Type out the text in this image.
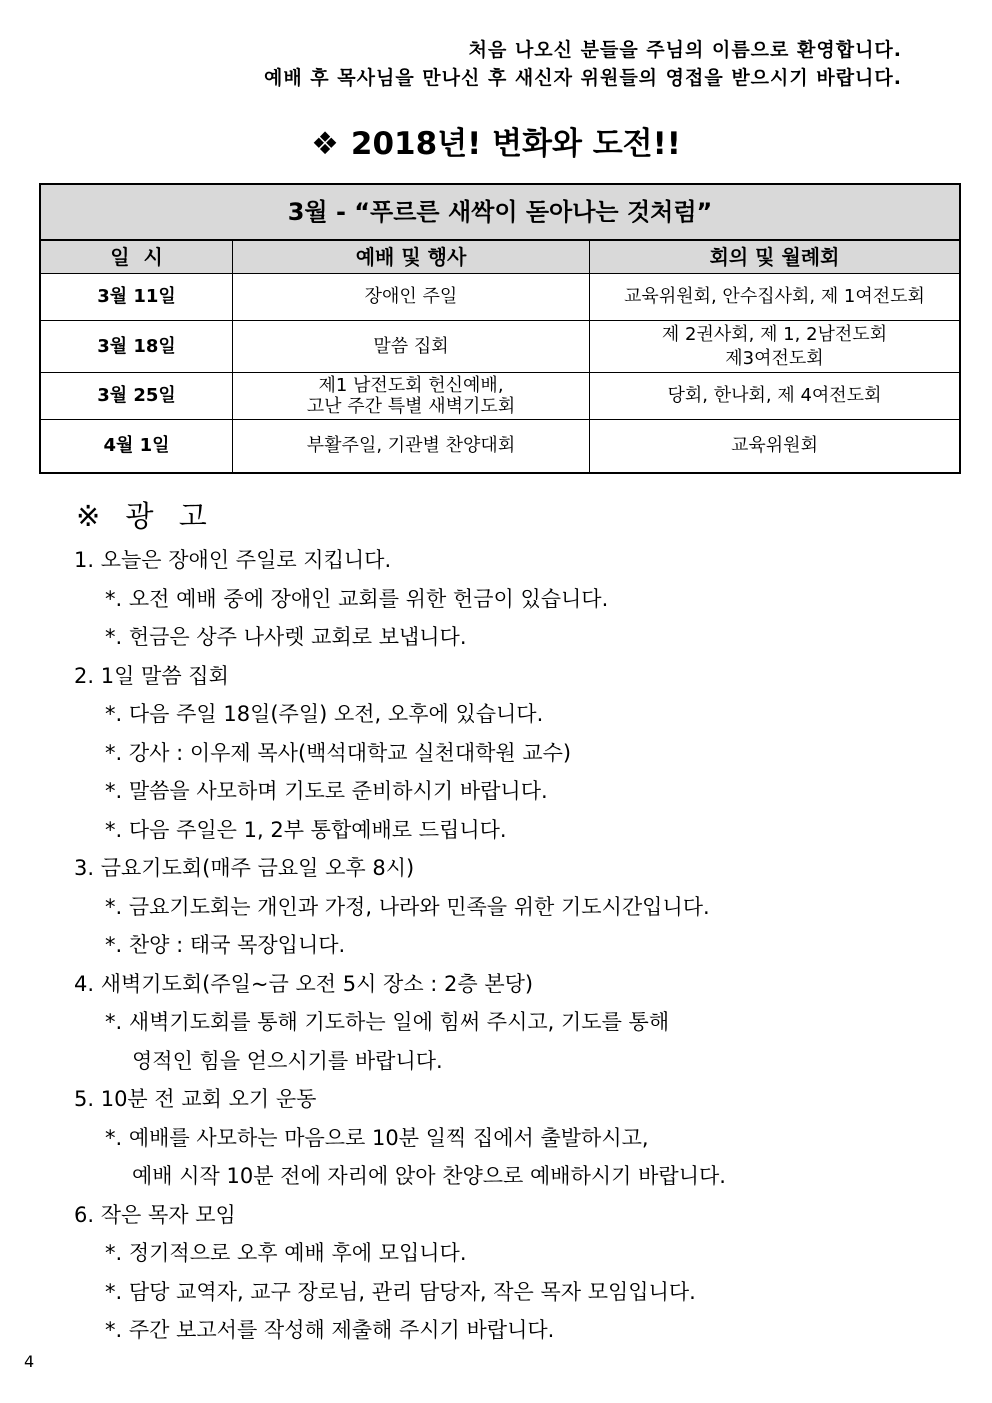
처음 나오신 분들을 주님의 이름으로 환영합니다.
예배 후 목사님을 만나신 후 새신자 위원들의 영접을 받으시기 바랍니다.
❖ 2018년! 변화와 도전!!
3월 - “푸르른 새싹이 돋아나는 것처럼”		
일  시	예배 및 행사	회의 및 월례회
3월 11일	장애인 주일	교육위원회, 안수집사회, 제 1여전도회
3월 18일	말씀 집회	제 2권사회, 제 1, 2남전도회
제3여전도회

3월 25일	제1 남전도회 헌신예배,
고난 주간 특별 새벽기도회	당회, 한나회, 제 4여전도회
4월 1일	부활주일, 기관별 찬양대회	교육위원회
※ 광 고
1. 오늘은 장애인 주일로 지킵니다.
*. 오전 예배 중에 장애인 교회를 위한 헌금이 있습니다.
*. 헌금은 상주 나사렛 교회로 보냅니다.
2. 1일 말씀 집회
*. 다음 주일 18일(주일) 오전, 오후에 있습니다.
*. 강사 : 이우제 목사(백석대학교 실천대학원 교수)
*. 말씀을 사모하며 기도로 준비하시기 바랍니다.
*. 다음 주일은 1, 2부 통합예배로 드립니다.
3. 금요기도회(매주 금요일 오후 8시)
*. 금요기도회는 개인과 가정, 나라와 민족을 위한 기도시간입니다.
*. 찬양 : 태국 목장입니다.
4. 새벽기도회(주일~금 오전 5시 장소 : 2층 본당)
*. 새벽기도회를 통해 기도하는 일에 힘써 주시고, 기도를 통해
영적인 힘을 얻으시기를 바랍니다.
5. 10분 전 교회 오기 운동
*. 예배를 사모하는 마음으로 10분 일찍 집에서 출발하시고,
예배 시작 10분 전에 자리에 앉아 찬양으로 예배하시기 바랍니다.
6. 작은 목자 모임
*. 정기적으로 오후 예배 후에 모입니다.
*. 담당 교역자, 교구 장로님, 관리 담당자, 작은 목자 모임입니다.
*. 주간 보고서를 작성해 제출해 주시기 바랍니다.
4
